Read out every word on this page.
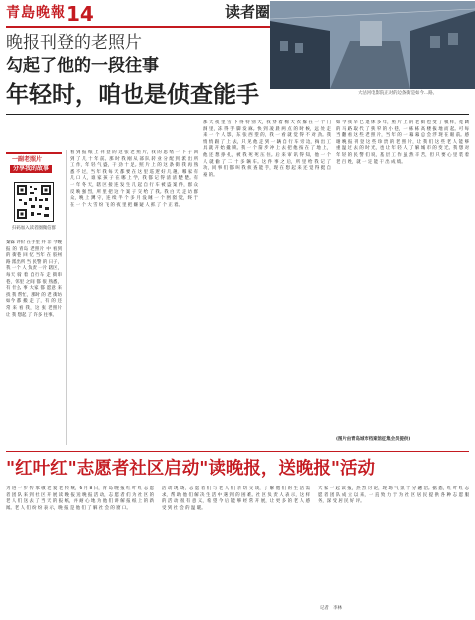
青島晚報 14	读者圈
大沽河电影院正对的边条街是如今…路。
晚报刊登的老照片
勾起了他的一段往事
年轻时，咱也是侦查能手
一副老照片
分享我的故事
扫码加入读者圈微信群
秦霖 评价 在手里 并 非 今晚 报 的 青岛 老照片 中 看到 的 街巷 回 忆 当年 在 胶州 路 派出所 当 民警 的 日子，我 一个 人 负责 一片 辖区，每天 骑 着 自行车 走 街串巷，邻里 之间 都 很 熟悉，有 什么 事 大家 都 愿意 来 找 我 帮忙，那时 的 老 街坊 如今 都 搬 走 了，有 的 还 常 来 看 我，这 张 老照片 让 我 想起 了 许多 往事。
看 到 报 纸 上 刊 登 的 这 张 老 照 片，我 的 思 绪 一 下 子 回 到 了 几 十 年 前。那 时 我 刚 从 部 队 转 业 分 配 到 派 出 所 工 作，年 轻 气 盛，干 劲 十 足。照 片 上 的 这 条 街 我 再 熟 悉 不 过，当 年 我 每 天 都 要 在 这 里 巡 逻 好 几 趟，哪 家 有 几 口 人，谁 家 孩 子 在 哪 上 学，我 都 记 得 清 清 楚 楚。有 一 年 冬 天，辖 区 接 连 发 生 几 起 自 行 车 被 盗 案 件，群 众 反 映 强 烈，所 里 把 这 个 案 子 交 给 了 我。我 白 天 走 访 群 众，晚 上 蹲 守，连 续 半 个 多 月 没 睡 一 个 囫 囵 觉，终 于 在 一 个 大 雪 纷 飞 的 夜 里 把 嫌 疑 人 抓 了 个 正 着。
那 天 夜 里 雪 下 得 特 别 大，我 穿 着 棉 大 衣 躲 在 一 个 门 洞 里，冻 得 手 脚 发 麻。快 到 凌 晨 两 点 的 时 候，远 处 走 来 一 个 人 影，东 张 西 望 的，我 一 看 就 觉 得 不 对 劲。我 悄 悄 跟 了 上 去，只 见 他 走 到 一 辆 自 行 车 旁 边，掏 出 工 具 就 开 始 撬 锁。我 一 个 箭 步 冲 上 去 把 他 按 在 了 地 上，他 还 想 挣 扎，被 我 死 死 压 住。后 来 审 讯 得 知，他 一 个 人 就 偷 了 二 十 多 辆 车。这 件 事 之 后，所 里 给 我 记 了 功，同 事 们 都 叫 我 侦 查 能 手，现 在 想 起 来 还 觉 得 挺 自 豪 的。
如 今 我 早 已 退 休 多 年，照 片 上 的 老 街 也 变 了 模 样，宽 阔 的 马 路 取 代 了 狭 窄 的 小 巷，一 栋 栋 高 楼 拔 地 而 起。可 每 当 翻 看 这 些 老 照 片，当 年 的 一 幕 幕 总 会 浮 现 在 眼 前。感 谢 晚 报 刊 登 这 些 珍 贵 的 老 照 片，让 我 们 这 些 老 人 能 够 重 温 过 去 的 时 光，也 让 年 轻 人 了 解 城 市 的 变 迁。我 想 对 年 轻 的 民 警 们 说，基 层 工 作 虽 然 辛 苦，但 只 要 心 里 装 着 老 百 姓，就 一 定 能 干 出 成 绩。
(图片由青岛城市档案馆征集会员提供)
"红叶红"志愿者社区启动"读晚报，送晚报"活动
为 进 一 步 传 承 敬 老 爱 老 传 统，6 月 8 日，青 岛 晚 报 红 叶 红 志 愿 者 团 队 来 到 社 区 开 展 读 晚 报 送 晚 报 活 动，志 愿 者 们 为 社 区 的 老 人 们 送 去 了 当 天 的 报 纸，并 耐 心 地 为 他 们 讲 解 报 纸 上 的 新 闻。老 人 们 纷 纷 表 示，晚 报 是 他 们 了 解 社 会 的 窗 口。
活 动 现 场，志 愿 者 们 与 老 人 们 亲 切 交 谈，了 解 他 们 的 生 活 需 求，帮 助 他 们 解 决 生 活 中 遇 到 的 困 难。社 区 负 责 人 表 示，这 样 的 活 动 很 有 意 义，希 望 今 后 能 够 经 常 开 展，让 更 多 的 老 人 感 受 到 社 会 的 温 暖。
大 家 一 起 读 报，热 烈 讨 论，现 场 气 氛 十 分 融 洽。据 悉，红 叶 红 志 愿 者 团 队 成 立 以 来，一 直 致 力 于 为 社 区 居 民 提 供 各 种 志 愿 服 务，深 受 居 民 好 评。
记者　李林
